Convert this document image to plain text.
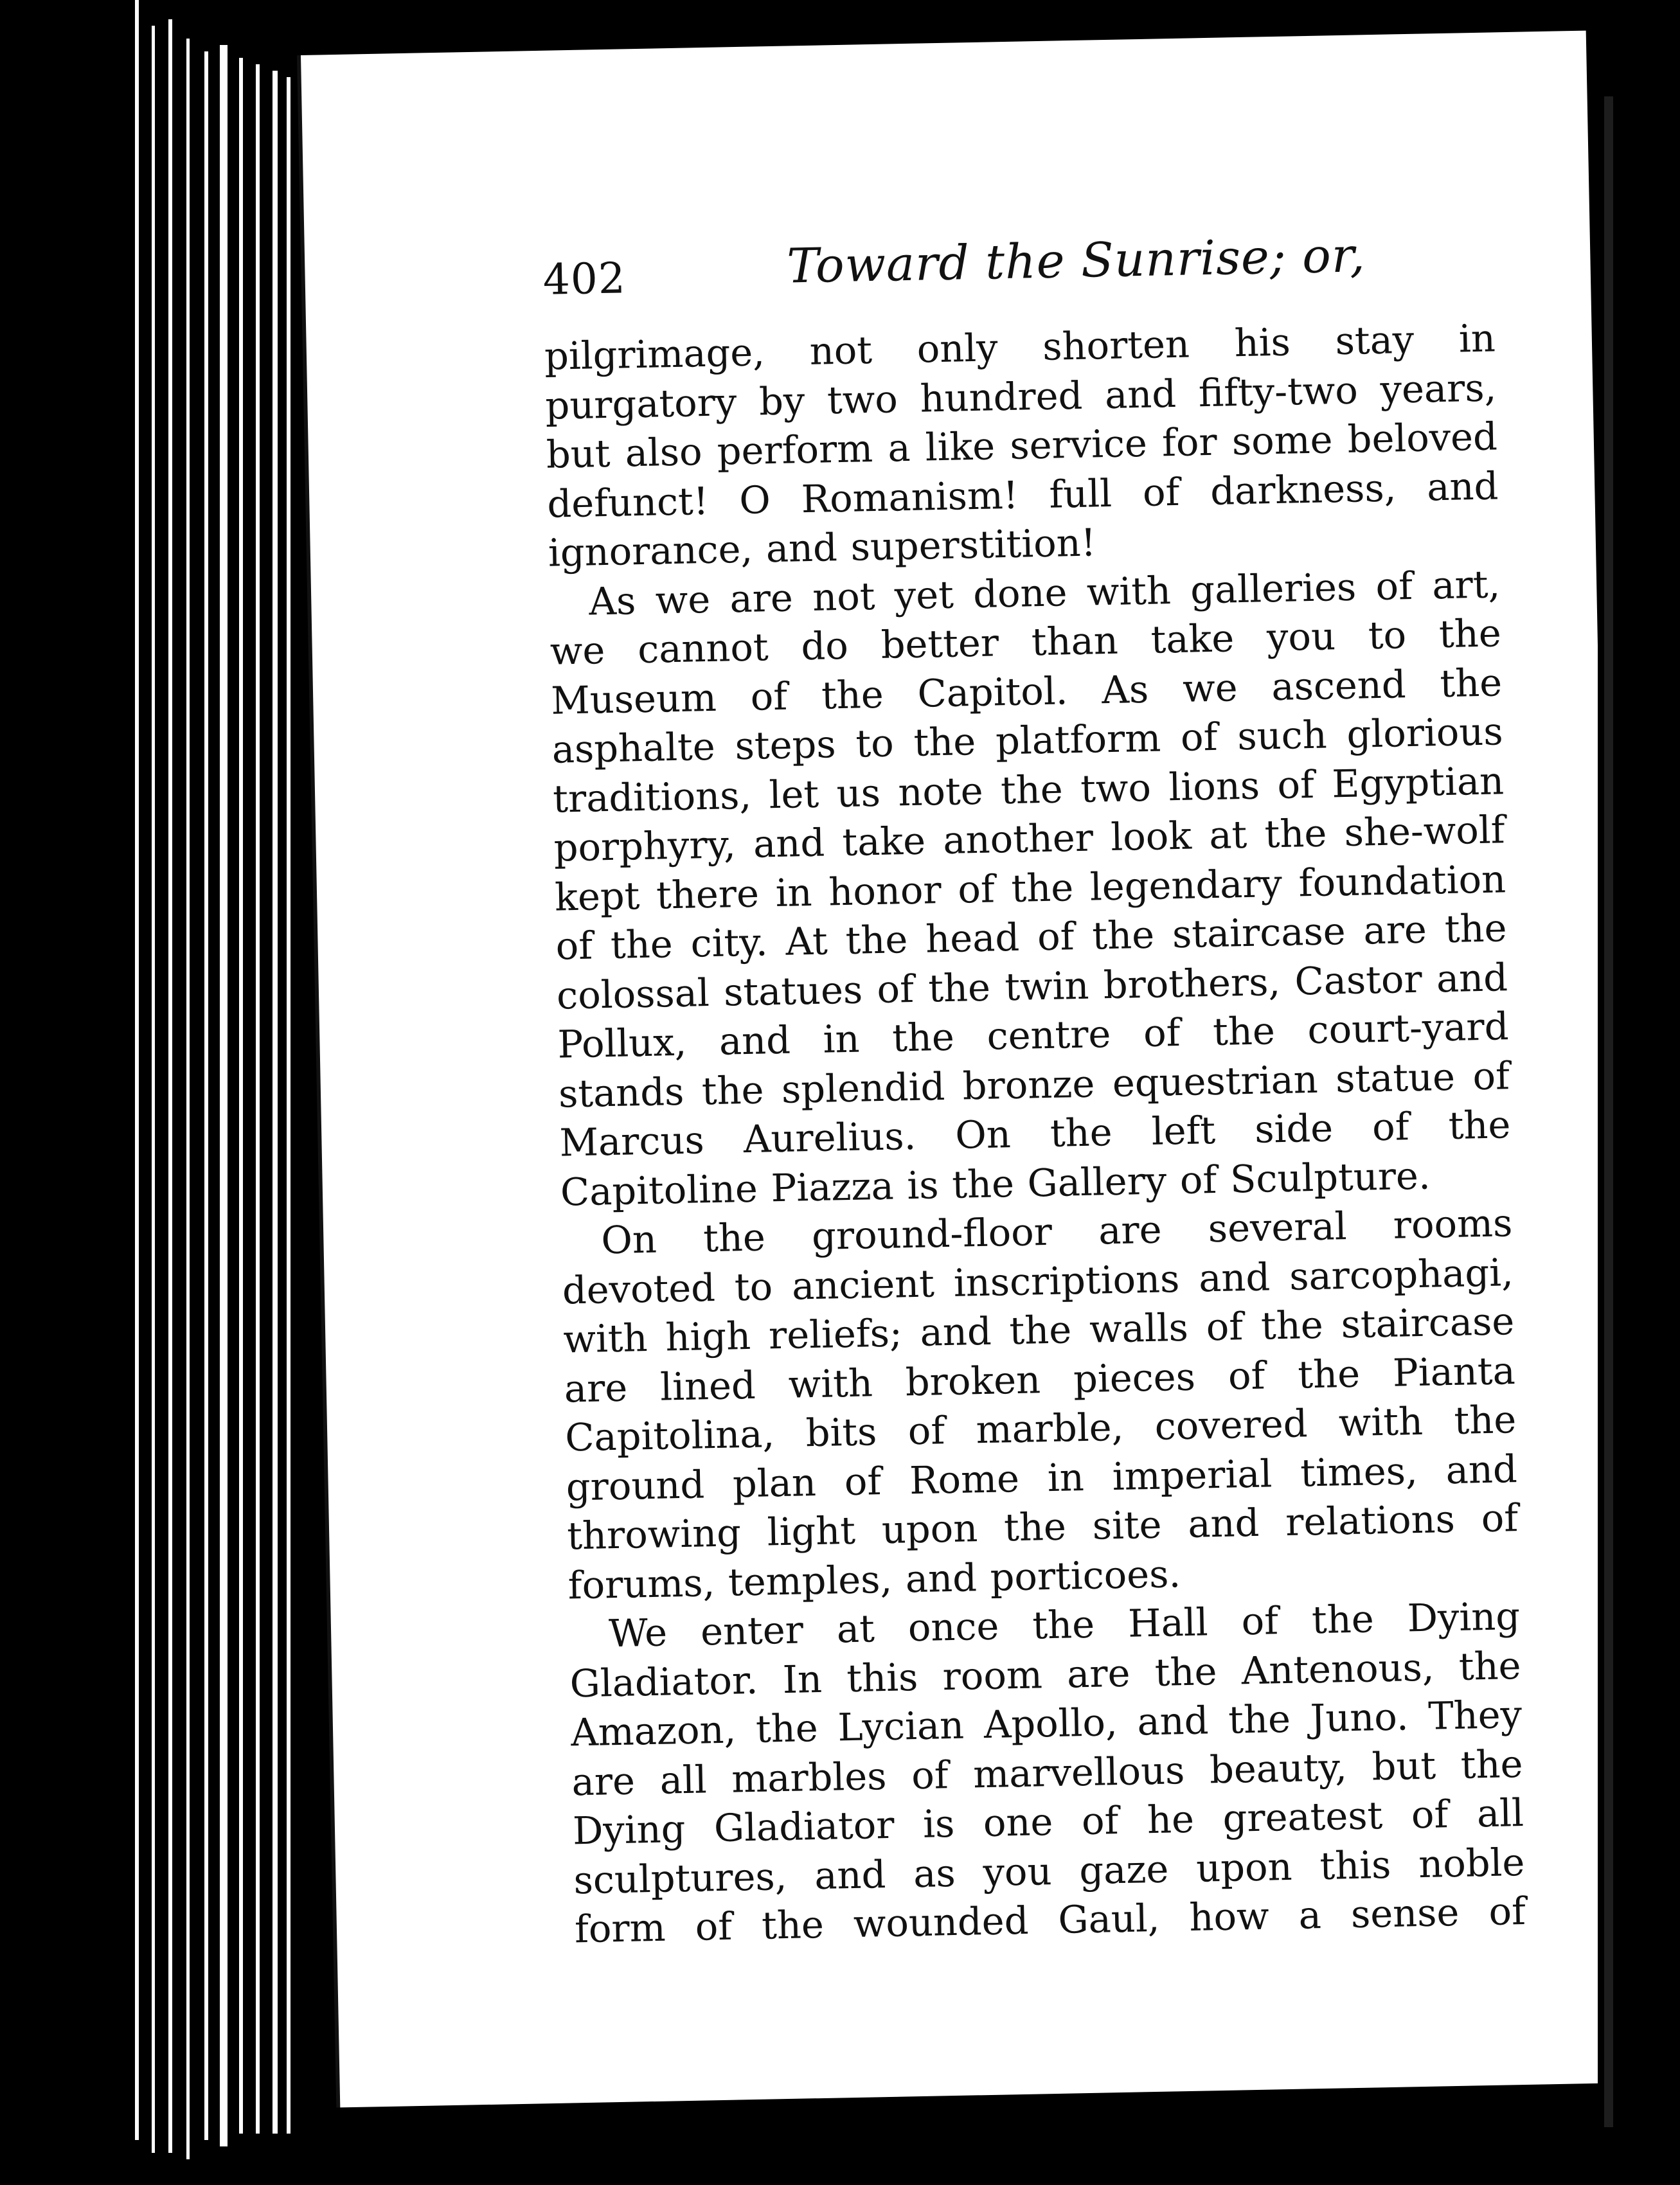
402	Toward the Sunrise; or,

pilgrimage, not only shorten his stay in purgatory by two hundred and fifty-two years, but also perform a like service for some beloved defunct! O Romanism! full of darkness, and ignorance, and superstition!

As we are not yet done with galleries of art, we cannot do better than take you to the Museum of the Capitol. As we ascend the asphalte steps to the platform of such glorious traditions, let us note the two lions of Egyptian porphyry, and take another look at the she-wolf kept there in honor of the legendary foundation of the city. At the head of the staircase are the colossal statues of the twin brothers, Castor and Pollux, and in the centre of the court-yard stands the splendid bronze equestrian statue of Marcus Aurelius. On the left side of the Capitoline Piazza is the Gallery of Sculpture.

On the ground-floor are several rooms devoted to ancient inscriptions and sarcophagi, with high reliefs; and the walls of the staircase are lined with broken pieces of the Pianta Capitolina, bits of marble, covered with the ground plan of Rome in imperial times, and throwing light upon the site and relations of forums, temples, and porticoes.

We enter at once the Hall of the Dying Gladiator. In this room are the Antenous, the Amazon, the Lycian Apollo, and the Juno. They are all marbles of marvellous beauty, but the Dying Gladiator is one of he greatest of all sculptures, and as you gaze upon this noble form of the wounded Gaul, how a sense of
